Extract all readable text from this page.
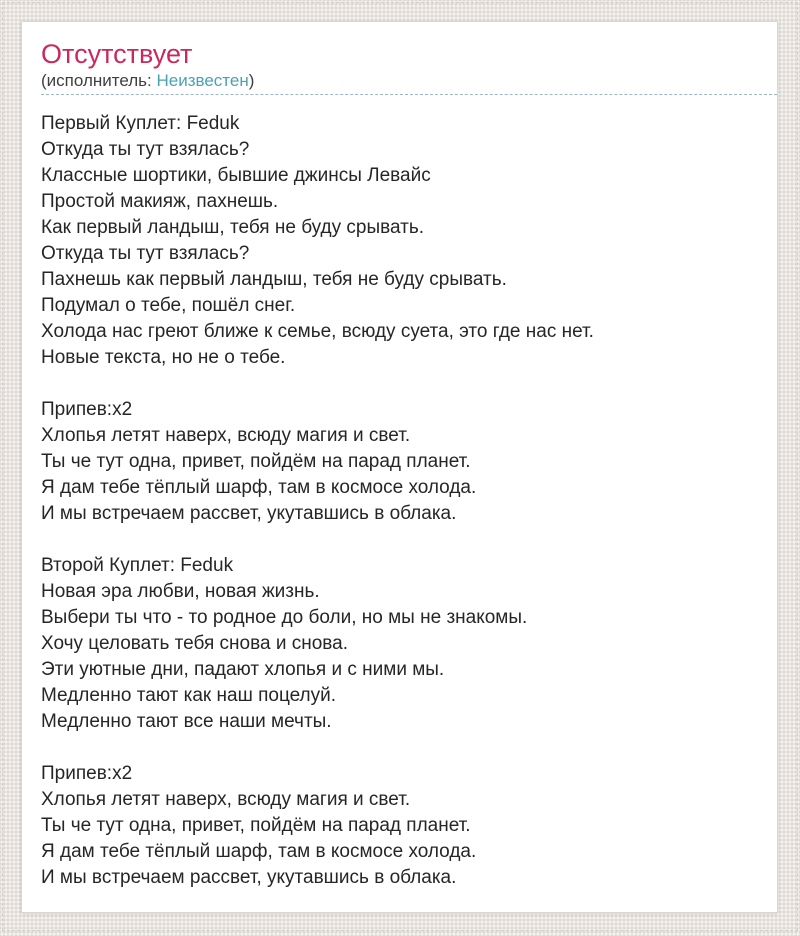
Отсутствует
(исполнитель: Неизвестен)
Первый Куплет: Feduk
Откуда ты тут взялась?
Классные шортики, бывшие джинсы Левайс
Простой макияж, пахнешь.
Как первый ландыш, тебя не буду срывать.
Откуда ты тут взялась?
Пахнешь как первый ландыш, тебя не буду срывать.
Подумал о тебе, пошёл снег.
Холода нас греют ближе к семье, всюду суета, это где нас нет.
Новые текста, но не о тебе.

Припев:x2
Хлопья летят наверх, всюду магия и свет.
Ты че тут одна, привет, пойдём на парад планет.
Я дам тебе тёплый шарф, там в космосе холода.
И мы встречаем рассвет, укутавшись в облака.

Второй Куплет: Feduk
Новая эра любви, новая жизнь.
Выбери ты что - то родное до боли, но мы не знакомы.
Хочу целовать тебя снова и снова.
Эти уютные дни, падают хлопья и с ними мы.
Медленно тают как наш поцелуй.
Медленно тают все наши мечты.

Припев:x2
Хлопья летят наверх, всюду магия и свет.
Ты че тут одна, привет, пойдём на парад планет.
Я дам тебе тёплый шарф, там в космосе холода.
И мы встречаем рассвет, укутавшись в облака.
